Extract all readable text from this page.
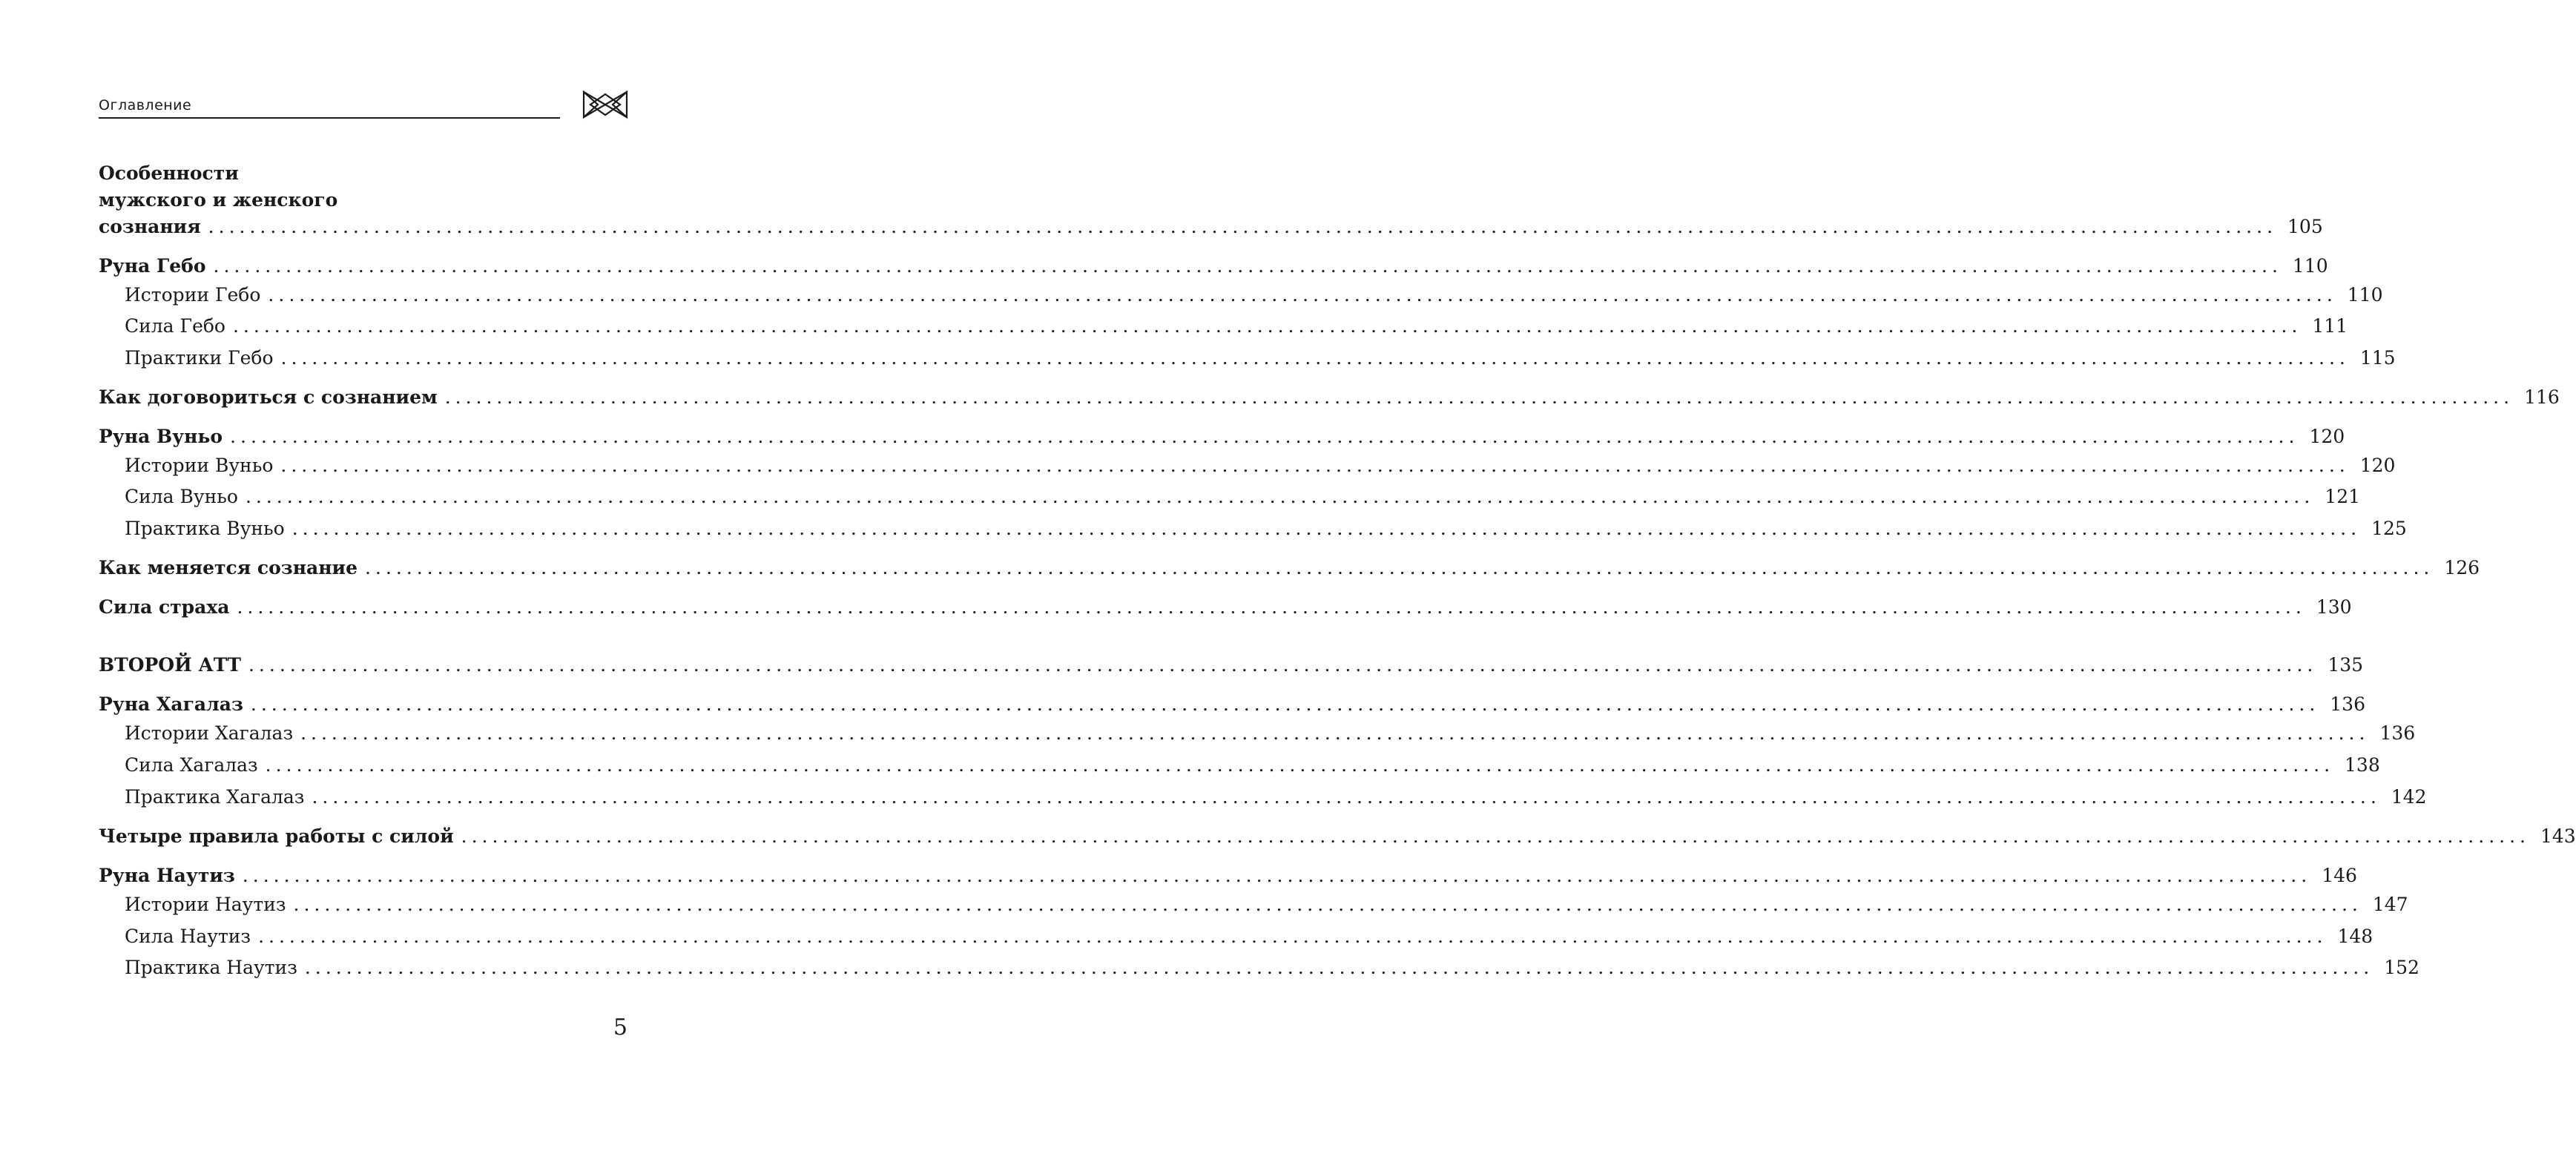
Оглавление
Особенности
мужского и женского
сознания ........................................................................................................................................................................................................ 105
Руна Гебо ........................................................................................................................................................................................................ 110
Истории Гебо ........................................................................................................................................................................................................ 110
Сила Гебо ........................................................................................................................................................................................................ 111
Практики Гебо ........................................................................................................................................................................................................ 115
Как договориться с сознанием ........................................................................................................................................................................................................ 116
Руна Вуньо ........................................................................................................................................................................................................ 120
Истории Вуньо ........................................................................................................................................................................................................ 120
Сила Вуньо ........................................................................................................................................................................................................ 121
Практика Вуньо ........................................................................................................................................................................................................ 125
Как меняется сознание ........................................................................................................................................................................................................ 126
Сила страха ........................................................................................................................................................................................................ 130
ВТОРОЙ АТТ ........................................................................................................................................................................................................ 135
Руна Хагалаз ........................................................................................................................................................................................................ 136
Истории Хагалаз ........................................................................................................................................................................................................ 136
Сила Хагалаз ........................................................................................................................................................................................................ 138
Практика Хагалаз ........................................................................................................................................................................................................ 142
Четыре правила работы с силой ........................................................................................................................................................................................................ 143
Руна Наутиз ........................................................................................................................................................................................................ 146
Истории Наутиз ........................................................................................................................................................................................................ 147
Сила Наутиз ........................................................................................................................................................................................................ 148
Практика Наутиз ........................................................................................................................................................................................................ 152
5
